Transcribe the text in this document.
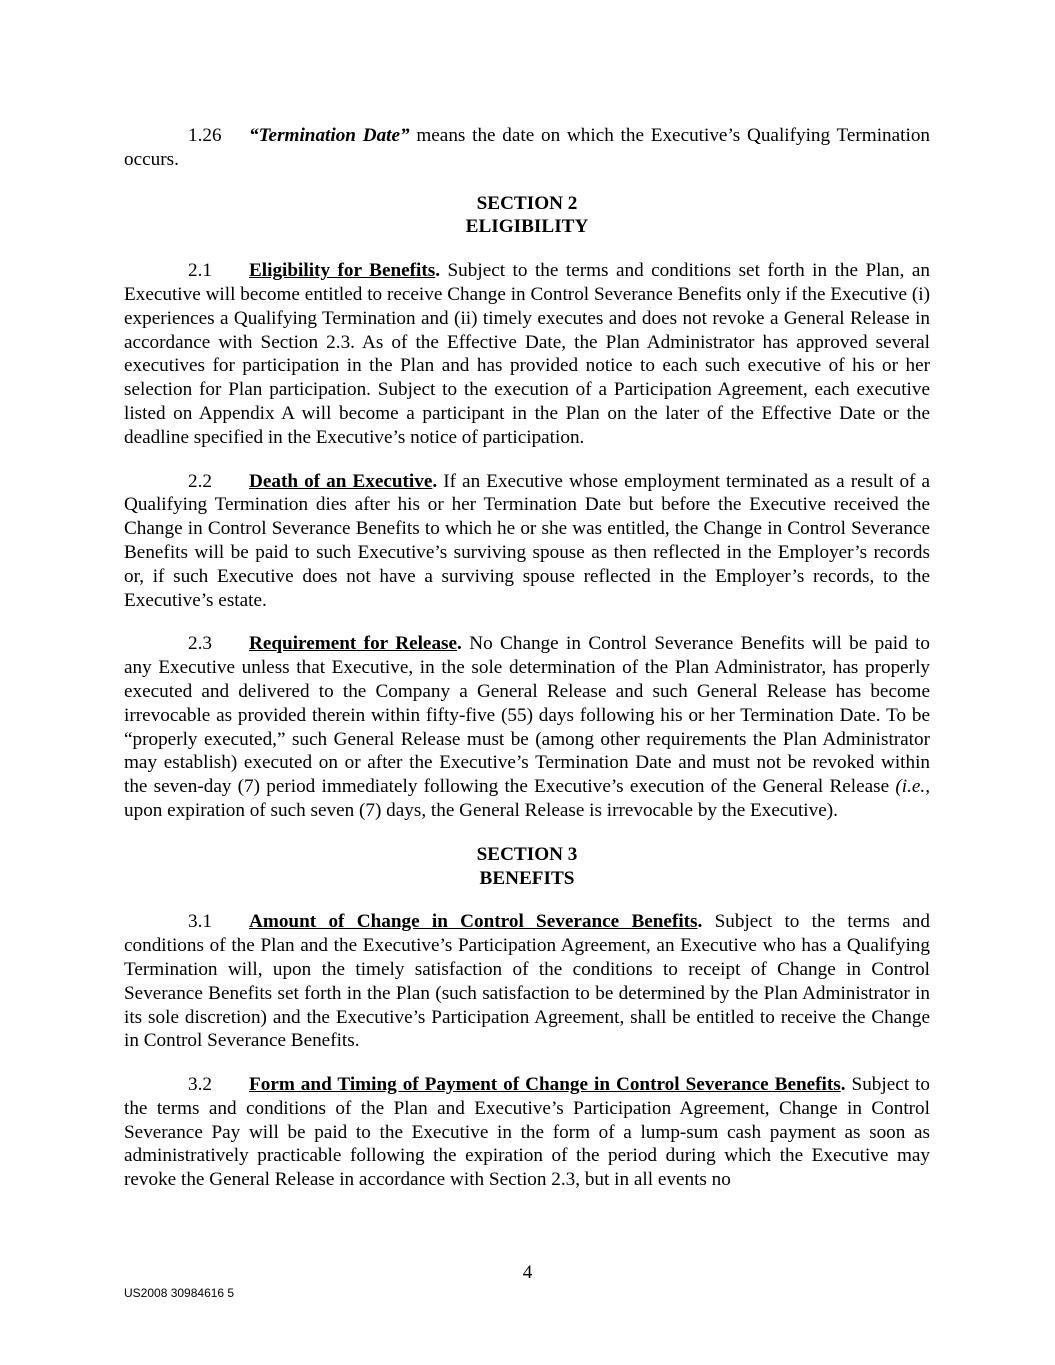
1.26 “Termination Date” means the date on which the Executive’s Qualifying Termination occurs.

SECTION 2
ELIGIBILITY

2.1 Eligibility for Benefits. Subject to the terms and conditions set forth in the Plan, an Executive will become entitled to receive Change in Control Severance Benefits only if the Executive (i) experiences a Qualifying Termination and (ii) timely executes and does not revoke a General Release in accordance with Section 2.3. As of the Effective Date, the Plan Administrator has approved several executives for participation in the Plan and has provided notice to each such executive of his or her selection for Plan participation. Subject to the execution of a Participation Agreement, each executive listed on Appendix A will become a participant in the Plan on the later of the Effective Date or the deadline specified in the Executive’s notice of participation.

2.2 Death of an Executive. If an Executive whose employment terminated as a result of a Qualifying Termination dies after his or her Termination Date but before the Executive received the Change in Control Severance Benefits to which he or she was entitled, the Change in Control Severance Benefits will be paid to such Executive’s surviving spouse as then reflected in the Employer’s records or, if such Executive does not have a surviving spouse reflected in the Employer’s records, to the Executive’s estate.

2.3 Requirement for Release. No Change in Control Severance Benefits will be paid to any Executive unless that Executive, in the sole determination of the Plan Administrator, has properly executed and delivered to the Company a General Release and such General Release has become irrevocable as provided therein within fifty-five (55) days following his or her Termination Date. To be “properly executed,” such General Release must be (among other requirements the Plan Administrator may establish) executed on or after the Executive’s Termination Date and must not be revoked within the seven-day (7) period immediately following the Executive’s execution of the General Release (i.e., upon expiration of such seven (7) days, the General Release is irrevocable by the Executive).

SECTION 3
BENEFITS

3.1 Amount of Change in Control Severance Benefits. Subject to the terms and conditions of the Plan and the Executive’s Participation Agreement, an Executive who has a Qualifying Termination will, upon the timely satisfaction of the conditions to receipt of Change in Control Severance Benefits set forth in the Plan (such satisfaction to be determined by the Plan Administrator in its sole discretion) and the Executive’s Participation Agreement, shall be entitled to receive the Change in Control Severance Benefits.

3.2 Form and Timing of Payment of Change in Control Severance Benefits. Subject to the terms and conditions of the Plan and Executive’s Participation Agreement, Change in Control Severance Pay will be paid to the Executive in the form of a lump-sum cash payment as soon as administratively practicable following the expiration of the period during which the Executive may revoke the General Release in accordance with Section 2.3, but in all events no

4
US2008 30984616 5
